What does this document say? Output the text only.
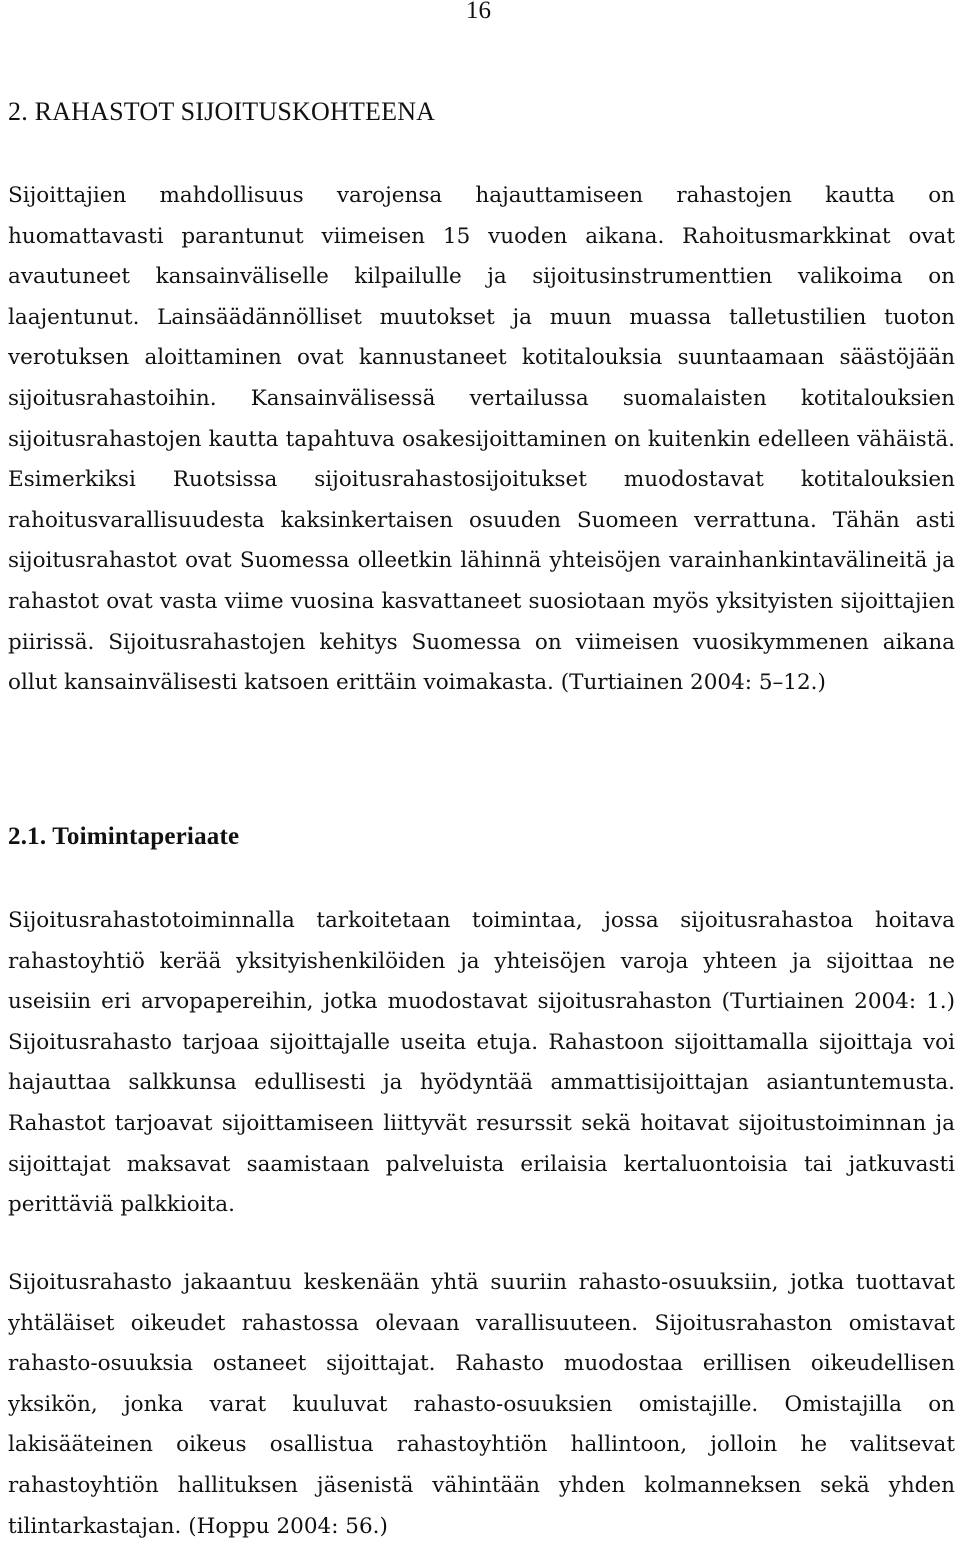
16
2. RAHASTOT SIJOITUSKOHTEENA

Sijoittajien mahdollisuus varojensa hajauttamiseen rahastojen kautta on huomattavasti parantunut viimeisen 15 vuoden aikana. Rahoitusmarkkinat ovat avautuneet kansainväliselle kilpailulle ja sijoitusinstrumenttien valikoima on laajentunut. Lainsäädännölliset muutokset ja muun muassa talletustilien tuoton verotuksen aloittaminen ovat kannustaneet kotitalouksia suuntaamaan säästöjään sijoitusrahastoihin. Kansainvälisessä vertailussa suomalaisten kotitalouksien sijoitusrahastojen kautta tapahtuva osakesijoittaminen on kuitenkin edelleen vähäistä. Esimerkiksi Ruotsissa sijoitusrahastosijoitukset muodostavat kotitalouksien rahoitusvarallisuudesta kaksinkertaisen osuuden Suomeen verrattuna. Tähän asti sijoitusrahastot ovat Suomessa olleetkin lähinnä yhteisöjen varainhankintavälineitä ja rahastot ovat vasta viime vuosina kasvattaneet suosiotaan myös yksityisten sijoittajien piirissä. Sijoitusrahastojen kehitys Suomessa on viimeisen vuosikymmenen aikana ollut kansainvälisesti katsoen erittäin voimakasta. (Turtiainen 2004: 5–12.)

2.1. Toimintaperiaate

Sijoitusrahastotoiminnalla tarkoitetaan toimintaa, jossa sijoitusrahastoa hoitava rahastoyhtiö kerää yksityishenkilöiden ja yhteisöjen varoja yhteen ja sijoittaa ne useisiin eri arvopapereihin, jotka muodostavat sijoitusrahaston (Turtiainen 2004: 1.) Sijoitusrahasto tarjoaa sijoittajalle useita etuja. Rahastoon sijoittamalla sijoittaja voi hajauttaa salkkunsa edullisesti ja hyödyntää ammattisijoittajan asiantuntemusta. Rahastot tarjoavat sijoittamiseen liittyvät resurssit sekä hoitavat sijoitustoiminnan ja sijoittajat maksavat saamistaan palveluista erilaisia kertaluontoisia tai jatkuvasti perittäviä palkkioita.

Sijoitusrahasto jakaantuu keskenään yhtä suuriin rahasto-osuuksiin, jotka tuottavat yhtäläiset oikeudet rahastossa olevaan varallisuuteen. Sijoitusrahaston omistavat rahasto-osuuksia ostaneet sijoittajat. Rahasto muodostaa erillisen oikeudellisen yksikön, jonka varat kuuluvat rahasto-osuuksien omistajille. Omistajilla on lakisääteinen oikeus osallistua rahastoyhtiön hallintoon, jolloin he valitsevat rahastoyhtiön hallituksen jäsenistä vähintään yhden kolmanneksen sekä yhden tilintarkastajan. (Hoppu 2004: 56.)
